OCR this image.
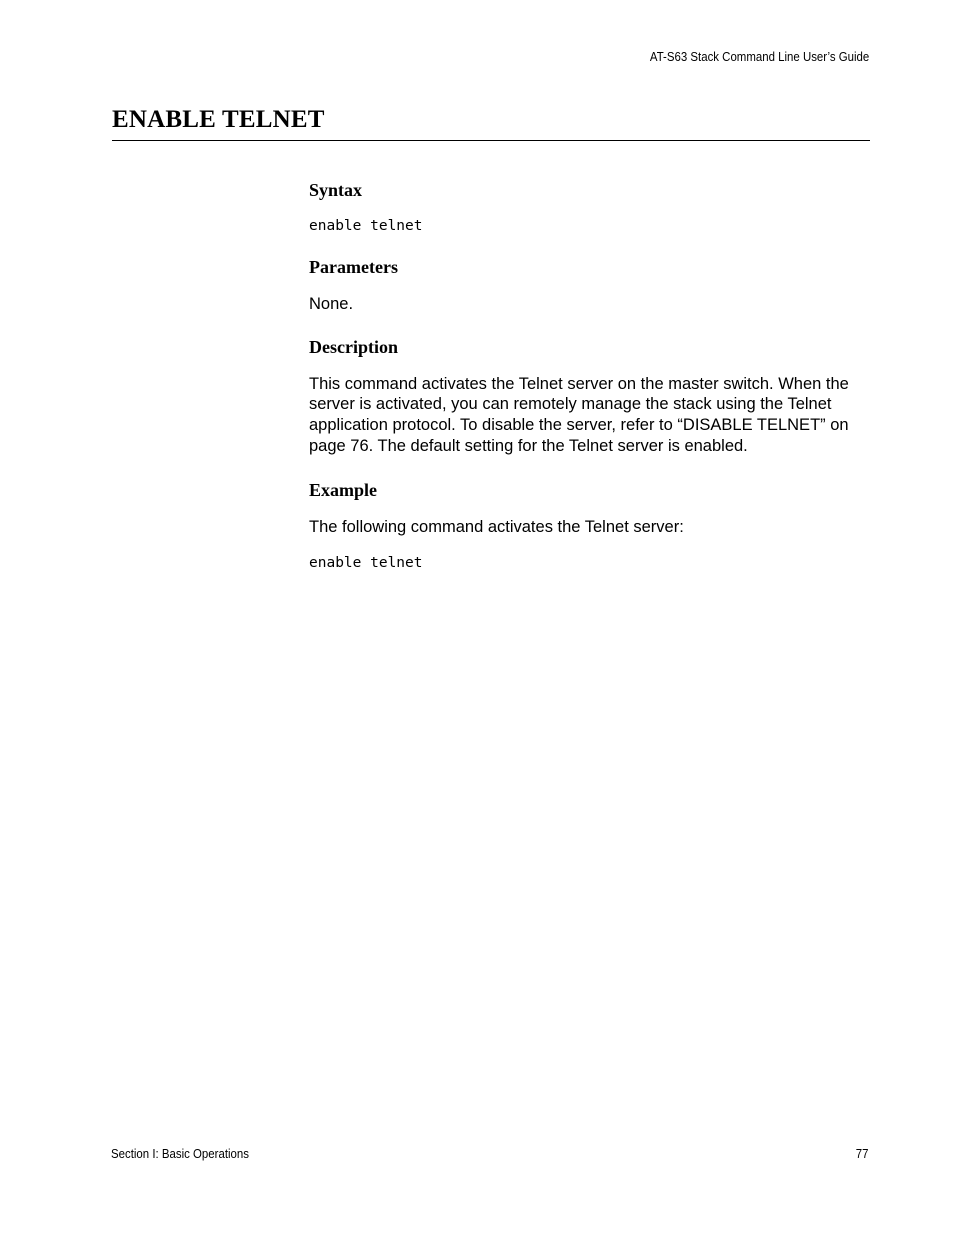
AT-S63 Stack Command Line User’s Guide
ENABLE TELNET
Syntax
enable telnet
Parameters

None.

Description

This command activates the Telnet server on the master switch. When the server is activated, you can remotely manage the stack using the Telnet application protocol. To disable the server, refer to “DISABLE TELNET” on page 76. The default setting for the Telnet server is enabled.

Example

The following command activates the Telnet server:

enable telnet
Section I: Basic Operations	77
